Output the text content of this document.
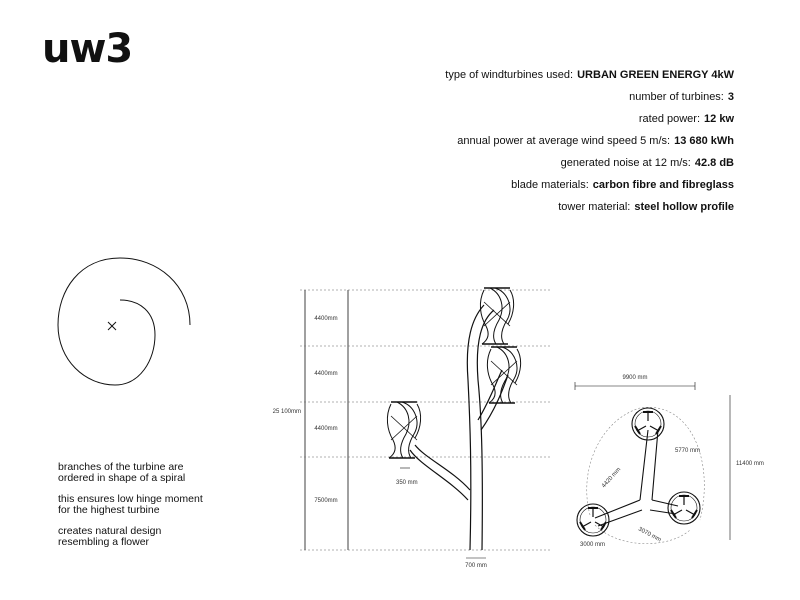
uw3
type of windturbines used: URBAN GREEN ENERGY 4kW
number of turbines: 3
rated power: 12 kw
annual power at average wind speed 5 m/s: 13 680 kWh
generated noise at 12 m/s: 42.8 dB
blade materials: carbon fibre and fibreglass
tower material: steel hollow profile
branches of the turbine are
ordered in shape of a spiral
this ensures low hinge moment
for the highest turbine
creates natural design
resembling a flower
4400mm
4400mm
4400mm
7500mm
25 100mm
350 mm
700 mm
9900 mm
11400 mm
5770 mm
4420 mm
3070 mm
3000 mm
